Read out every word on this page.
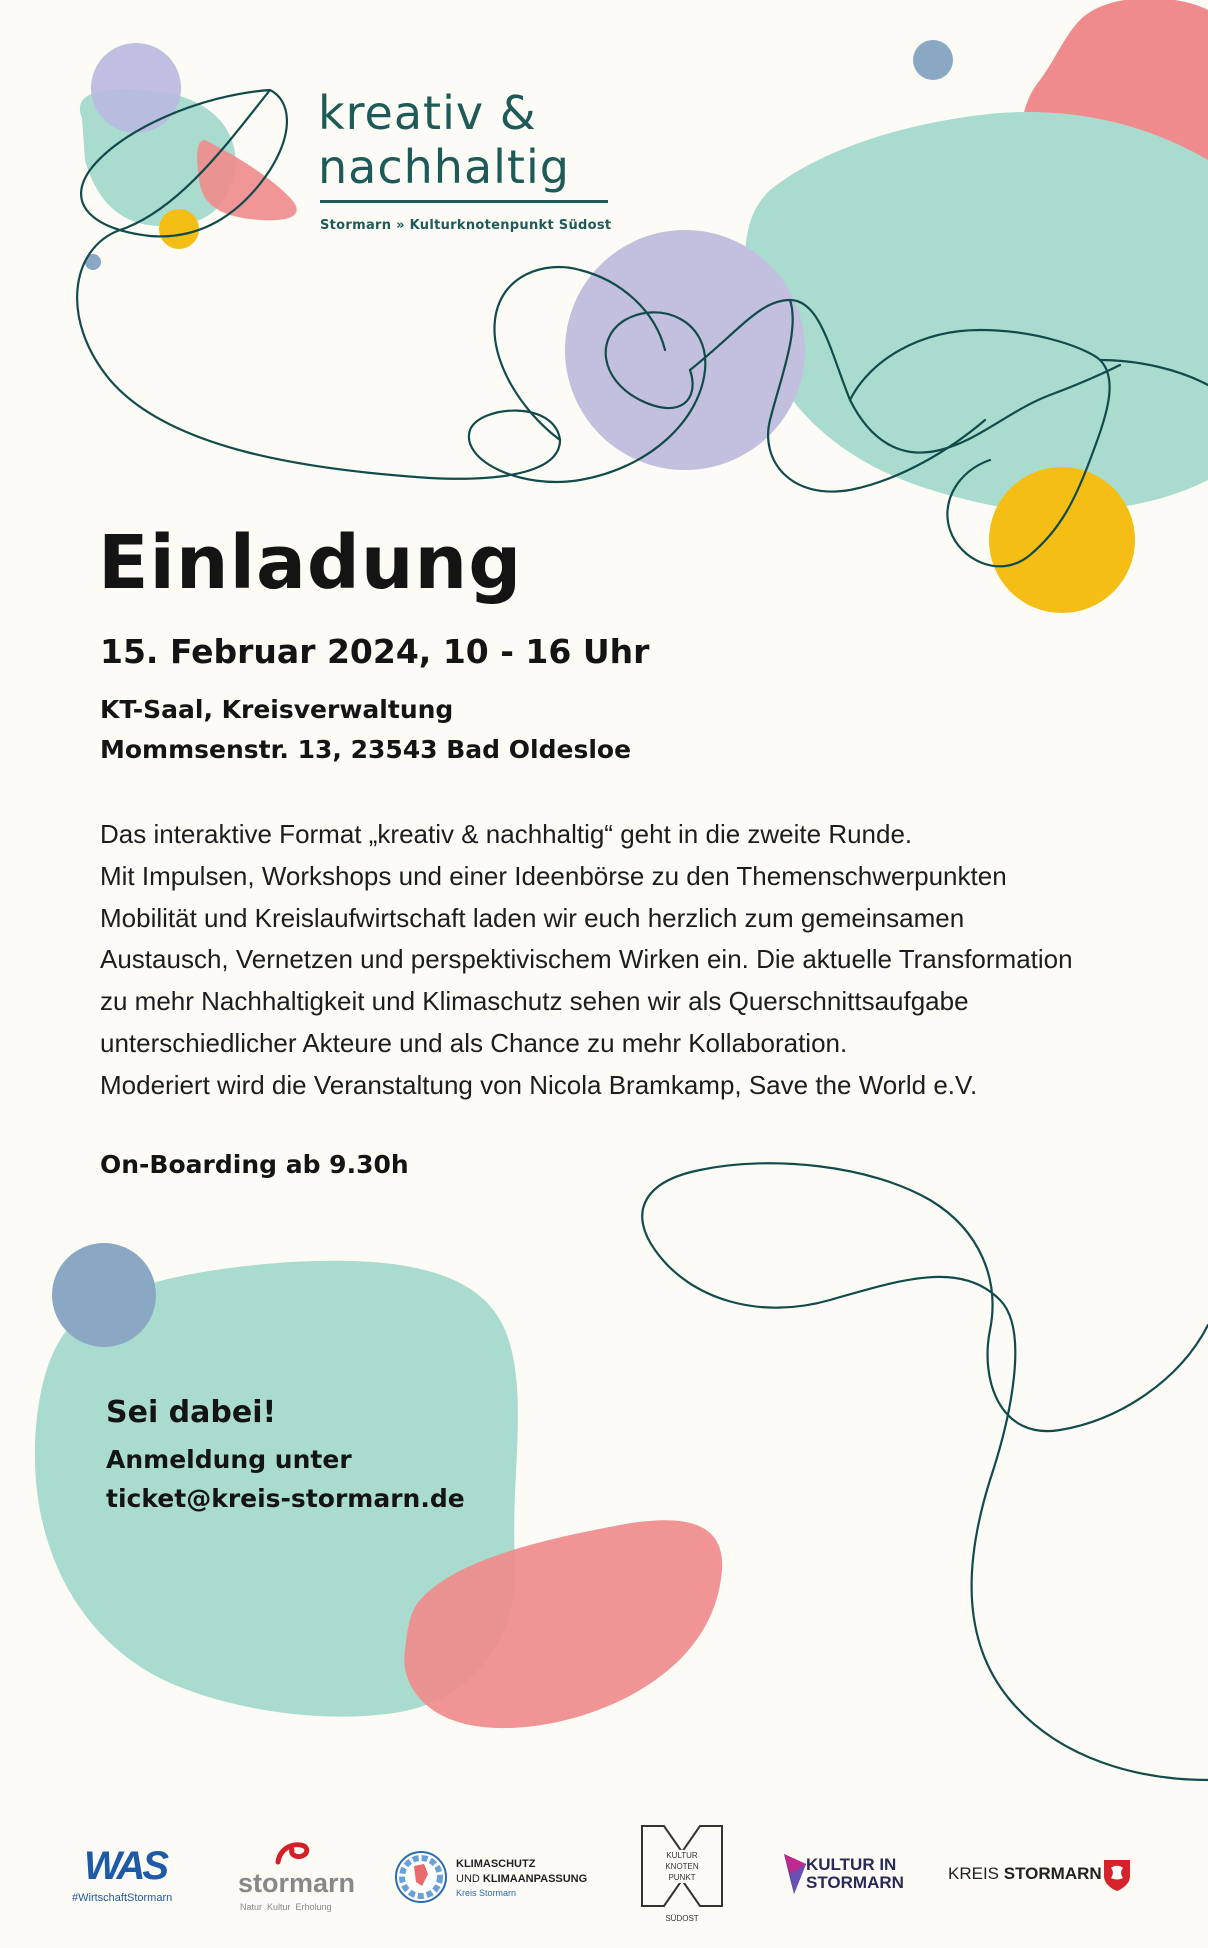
kreativ &
nachhaltig
Stormarn » Kulturknotenpunkt Südost
Einladung
15. Februar 2024, 10 - 16 Uhr
KT-Saal, Kreisverwaltung
Mommsenstr. 13, 23543 Bad Oldesloe
Das interaktive Format „kreativ & nachhaltig“ geht in die zweite Runde.
Mit Impulsen, Workshops und einer Ideenbörse zu den Themenschwerpunkten
Mobilität und Kreislaufwirtschaft laden wir euch herzlich zum gemeinsamen
Austausch, Vernetzen und perspektivischem Wirken ein. Die aktuelle Transformation
zu mehr Nachhaltigkeit und Klimaschutz sehen wir als Querschnittsaufgabe
unterschiedlicher Akteure und als Chance zu mehr Kollaboration.
Moderiert wird die Veranstaltung von Nicola Bramkamp, Save the World e.V.
On-Boarding ab 9.30h
Sei dabei!
Anmeldung unter
ticket@kreis-stormarn.de
WAS
#WirtschaftStormarn stormarn
Natur  Kultur  Erholung
KLIMASCHUTZ
UND KLIMAANPASSUNG
Kreis Stormarn
KULTUR
KNOTEN
PUNKT
SÜDOST
KULTUR IN
STORMARN	KREIS STORMARN
